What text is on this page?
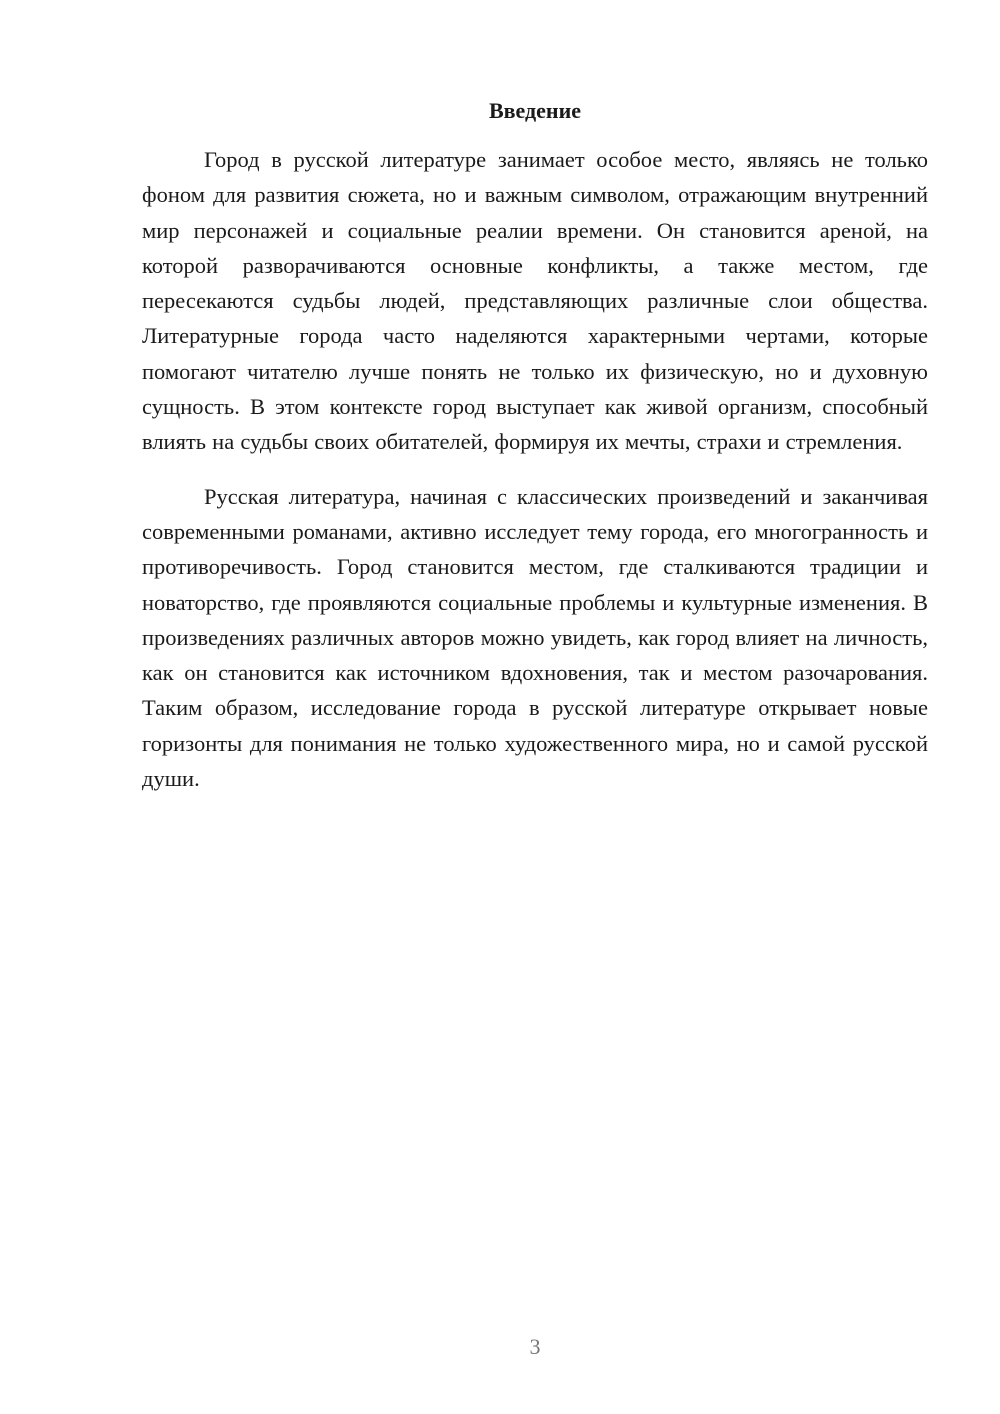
Введение

Город в русской литературе занимает особое место, являясь не только фоном для развития сюжета, но и важным символом, отражающим внутренний мир персонажей и социальные реалии времени. Он становится ареной, на которой разворачиваются основные конфликты, а также местом, где пересекаются судьбы людей, представляющих различные слои общества. Литературные города часто наделяются характерными чертами, которые помогают читателю лучше понять не только их физическую, но и духовную сущность. В этом контексте город выступает как живой организм, способный влиять на судьбы своих обитателей, формируя их мечты, страхи и стремления.

Русская литература, начиная с классических произведений и заканчивая современными романами, активно исследует тему города, его многогранность и противоречивость. Город становится местом, где сталкиваются традиции и новаторство, где проявляются социальные проблемы и культурные изменения. В произведениях различных авторов можно увидеть, как город влияет на личность, как он становится как источником вдохновения, так и местом разочарования. Таким образом, исследование города в русской литературе открывает новые горизонты для понимания не только художественного мира, но и самой русской души.

3
